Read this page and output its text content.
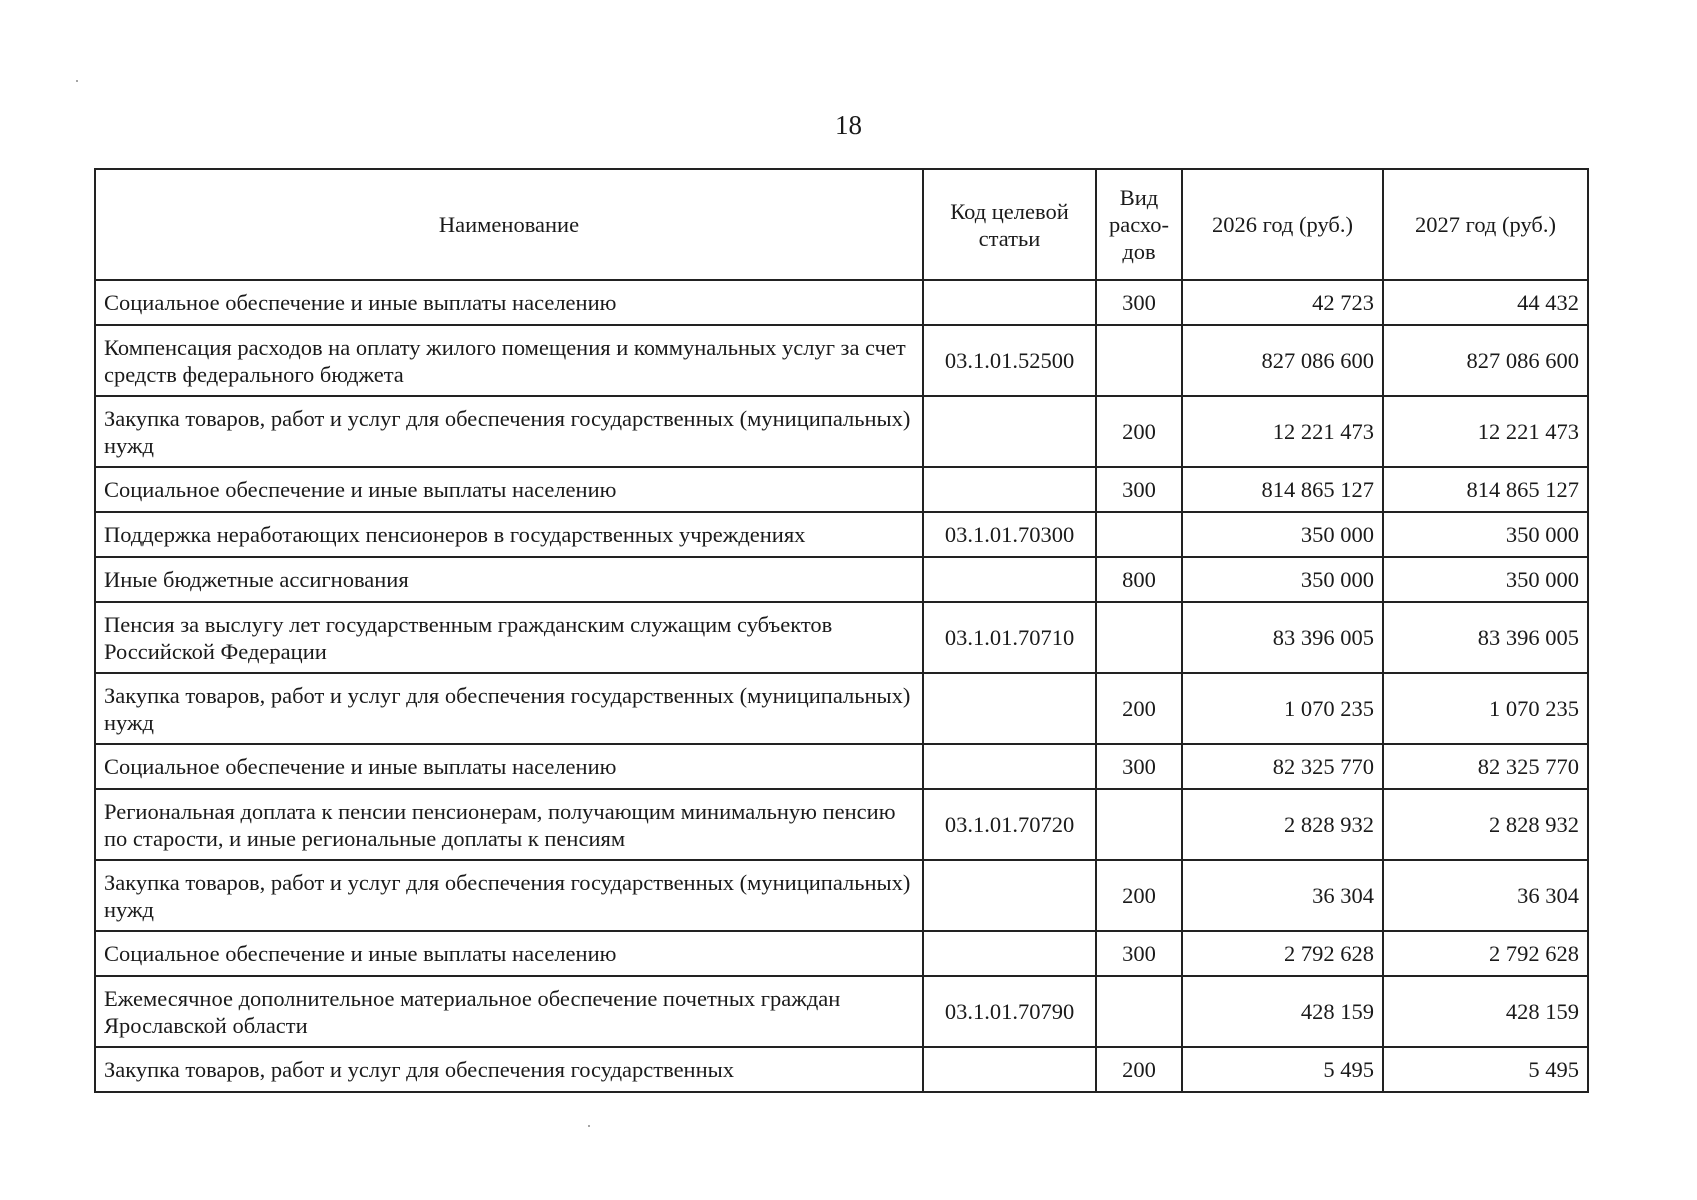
18
Наименование	Код целевой статьи	Вид расхо-дов	2026 год (руб.)	2027 год (руб.)
Социальное обеспечение и иные выплаты населению		300	42 723	44 432
Компенсация расходов на оплату жилого помещения и коммунальных услуг за счет средств федерального бюджета	03.1.01.52500		827 086 600	827 086 600
Закупка товаров, работ и услуг для обеспечения государственных (муниципальных) нужд		200	12 221 473	12 221 473
Социальное обеспечение и иные выплаты населению		300	814 865 127	814 865 127
Поддержка неработающих пенсионеров в государственных учреждениях	03.1.01.70300		350 000	350 000
Иные бюджетные ассигнования		800	350 000	350 000
Пенсия за выслугу лет государственным гражданским служащим субъектов Российской Федерации	03.1.01.70710		83 396 005	83 396 005
Закупка товаров, работ и услуг для обеспечения государственных (муниципальных) нужд		200	1 070 235	1 070 235
Социальное обеспечение и иные выплаты населению		300	82 325 770	82 325 770
Региональная доплата к пенсии пенсионерам, получающим минимальную пенсию по старости, и иные региональные доплаты к пенсиям	03.1.01.70720		2 828 932	2 828 932
Закупка товаров, работ и услуг для обеспечения государственных (муниципальных) нужд		200	36 304	36 304
Социальное обеспечение и иные выплаты населению		300	2 792 628	2 792 628
Ежемесячное дополнительное материальное обеспечение почетных граждан Ярославской области	03.1.01.70790		428 159	428 159
Закупка товаров, работ и услуг для обеспечения государственных		200	5 495	5 495
